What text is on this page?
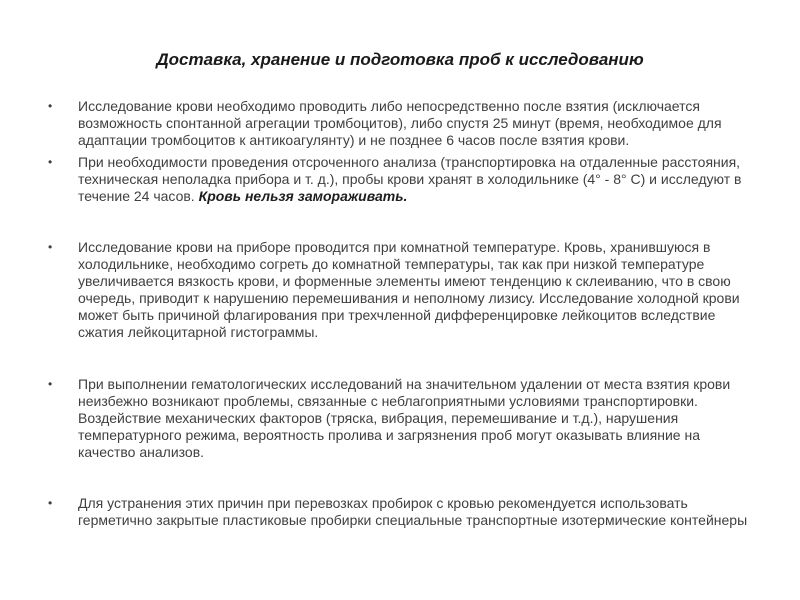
Доставка, хранение и подготовка проб к исследованию
• Исследование крови необходимо проводить либо непосредственно после взятия (исключается возможность спонтанной агрегации тромбоцитов), либо спустя 25 минут (время, необходимое для адаптации тромбоцитов к антикоагулянту) и не позднее 6 часов после взятия крови.
• При необходимости проведения отсроченного анализа (транспортировка на отдаленные расстояния, техническая неполадка прибора и т. д.), пробы крови хранят в холодильнике (4° - 8° С) и исследуют в течение 24 часов. Кровь нельзя замораживать.
• Исследование крови на приборе проводится при комнатной температуре. Кровь, хранившуюся в холодильнике, необходимо согреть до комнатной температуры, так как при низкой температуре увеличивается вязкость крови, и форменные элементы имеют тенденцию к склеиванию, что в свою очередь, приводит к нарушению перемешивания и неполному лизису. Исследование холодной крови может быть причиной флагирования при трехчленной дифференцировке лейкоцитов вследствие сжатия лейкоцитарной гистограммы.
• При выполнении гематологических исследований на значительном удалении от места взятия крови неизбежно возникают проблемы, связанные с неблагоприятными условиями транспортировки. Воздействие механических факторов (тряска, вибрация, перемешивание и т.д.), нарушения температурного режима, вероятность пролива и загрязнения проб могут оказывать влияние на качество анализов.
• Для устранения этих причин при перевозках пробирок с кровью рекомендуется использовать герметично закрытые пластиковые пробирки специальные транспортные изотермические контейнеры
